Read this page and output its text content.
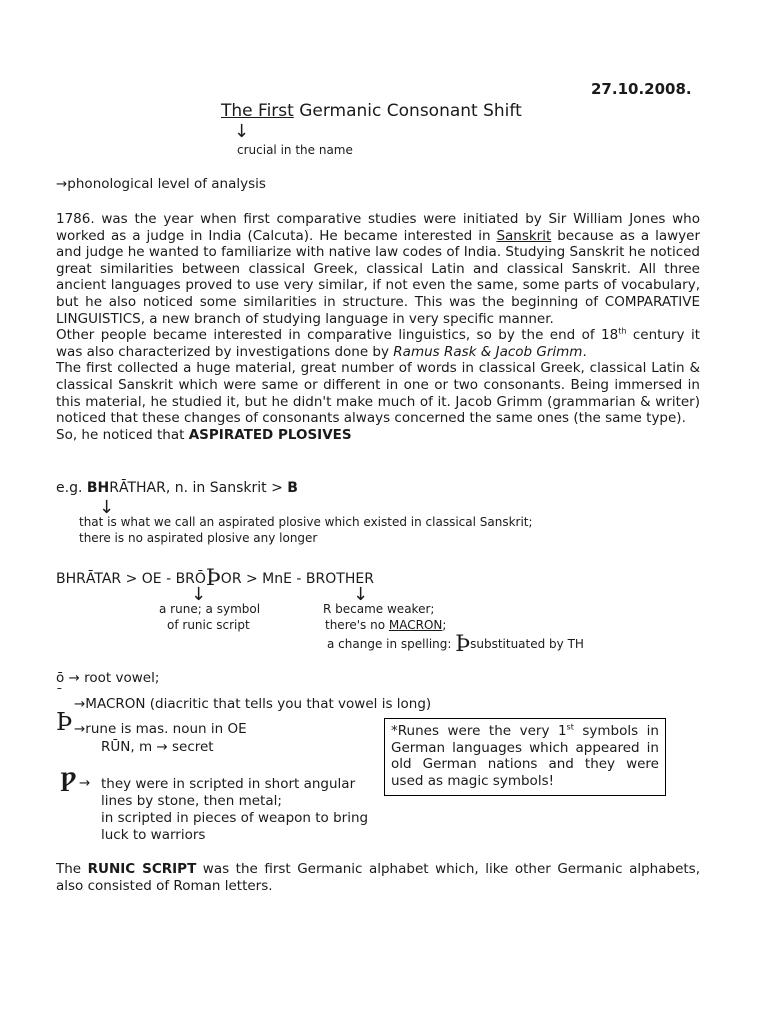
27.10.2008.
The First Germanic Consonant Shift
↓
crucial in the name
→phonological level of analysis

1786. was the year when first comparative studies were initiated by Sir William Jones who worked as a judge in India (Calcuta). He became interested in Sanskrit because as a lawyer and judge he wanted to familiarize with native law codes of India. Studying Sanskrit he noticed great similarities between classical Greek, classical Latin and classical Sanskrit. All three ancient languages proved to use very similar, if not even the same, some parts of vocabulary, but he also noticed some similarities in structure. This was the beginning of COMPARATIVE LINGUISTICS, a new branch of studying language in very specific manner.

Other people became interested in comparative linguistics, so by the end of 18th century it was also characterized by investigations done by Ramus Rask & Jacob Grimm.

The first collected a huge material, great number of words in classical Greek, classical Latin & classical Sanskrit which were same or different in one or two consonants. Being immersed in this material, he studied it, but he didn't make much of it. Jacob Grimm (grammarian & writer) noticed that these changes of consonants always concerned the same ones (the same type).

So, he noticed that ASPIRATED PLOSIVES

e.g. BHRĀTHAR, n. in Sanskrit > B
↓
that is what we call an aspirated plosive which existed in classical Sanskrit;
there is no aspirated plosive any longer
BHRĀTAR > OE - BRŌÞOR > MnE - BROTHER
↓	↓
a rune; a symbol
of runic script
R became weaker;
there's no MACRON;
a change in spelling: Þsubstituated by TH
ō → root vowel;
¯
→MACRON (diacritic that tells you that vowel is long)
Þ →rune is mas. noun in OE
RŪN, m → secret
Ƿ → they were in scripted in short angular
lines by stone, then metal;
in scripted in pieces of weapon to bring
luck to warriors
*Runes were the very 1st symbols in German languages which appeared in old German nations and they were used as magic symbols!
The RUNIC SCRIPT was the first Germanic alphabet which, like other Germanic alphabets, also consisted of Roman letters.
